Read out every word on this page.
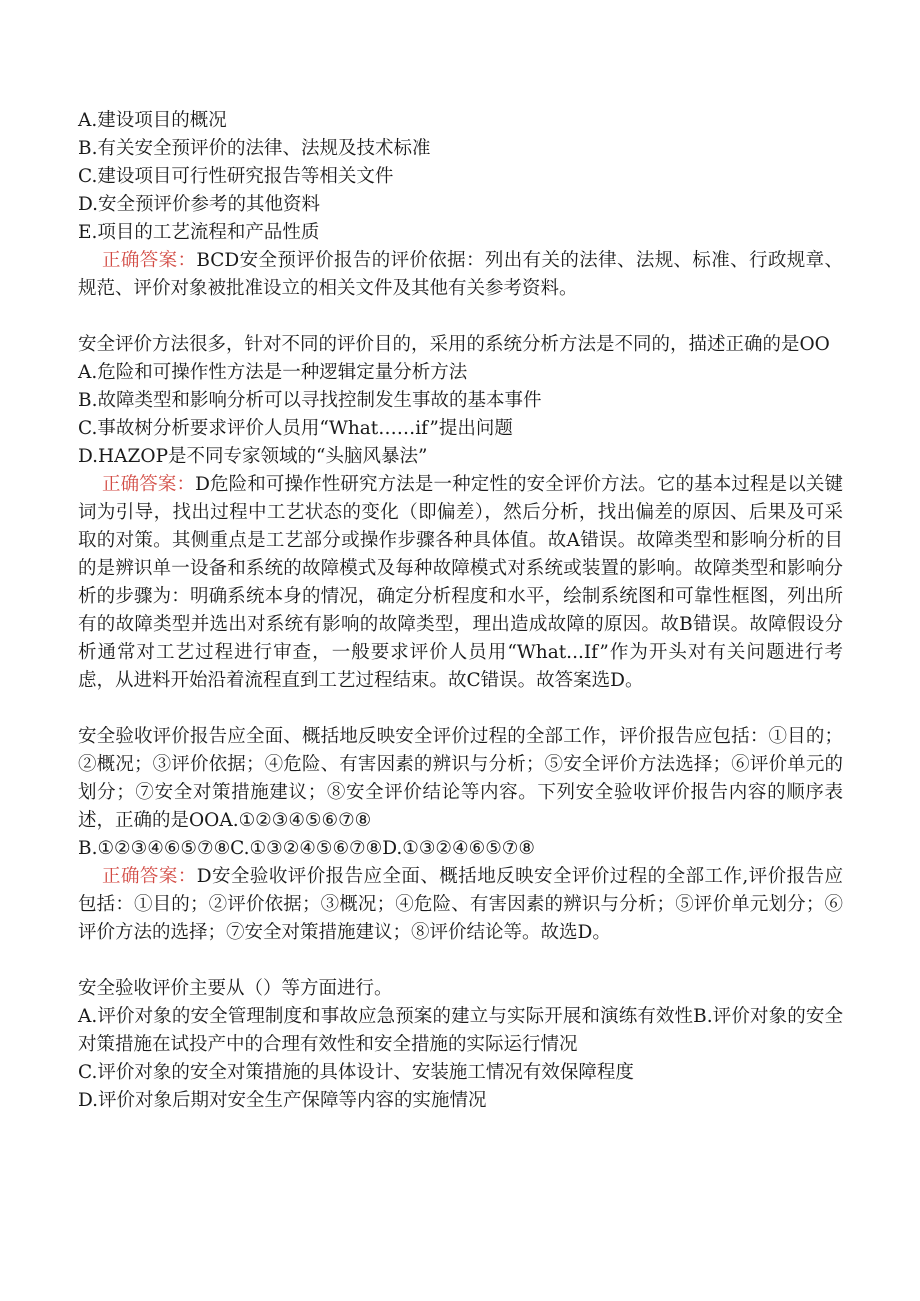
A.建设项目的概况
B.有关安全预评价的法律、法规及技术标准
C.建设项目可行性研究报告等相关文件
D.安全预评价参考的其他资料
E.项目的工艺流程和产品性质
正确答案：BCD安全预评价报告的评价依据：列出有关的法律、法规、标准、行政规章、规范、评价对象被批准设立的相关文件及其他有关参考资料。
安全评价方法很多，针对不同的评价目的，采用的系统分析方法是不同的，描述正确的是OO
A.危险和可操作性方法是一种逻辑定量分析方法
B.故障类型和影响分析可以寻找控制发生事故的基本事件
C.事故树分析要求评价人员用“What……if”提出问题
D.HAZOP是不同专家领域的“头脑风暴法”
正确答案：D危险和可操作性研究方法是一种定性的安全评价方法。它的基本过程是以关键词为引导，找出过程中工艺状态的变化（即偏差），然后分析，找出偏差的原因、后果及可采取的对策。其侧重点是工艺部分或操作步骤各种具体值。故A错误。故障类型和影响分析的目的是辨识单一设备和系统的故障模式及每种故障模式对系统或装置的影响。故障类型和影响分析的步骤为：明确系统本身的情况，确定分析程度和水平，绘制系统图和可靠性框图，列出所有的故障类型并选出对系统有影响的故障类型，理出造成故障的原因。故B错误。故障假设分析通常对工艺过程进行审查，一般要求评价人员用“What...If”作为开头对有关问题进行考虑，从进料开始沿着流程直到工艺过程结束。故C错误。故答案选D。
安全验收评价报告应全面、概括地反映安全评价过程的全部工作，评价报告应包括：①目的；②概况；③评价依据；④危险、有害因素的辨识与分析；⑤安全评价方法选择；⑥评价单元的划分；⑦安全对策措施建议；⑧安全评价结论等内容。下列安全验收评价报告内容的顺序表述，正确的是OOA.①②③④⑤⑥⑦⑧
B.①②③④⑥⑤⑦⑧C.①③②④⑤⑥⑦⑧D.①③②④⑥⑤⑦⑧
正确答案：D安全验收评价报告应全面、概括地反映安全评价过程的全部工作,评价报告应包括：①目的；②评价依据；③概况；④危险、有害因素的辨识与分析；⑤评价单元划分；⑥评价方法的选择；⑦安全对策措施建议；⑧评价结论等。故选D。
安全验收评价主要从（）等方面进行。
A.评价对象的安全管理制度和事故应急预案的建立与实际开展和演练有效性B.评价对象的安全对策措施在试投产中的合理有效性和安全措施的实际运行情况
C.评价对象的安全对策措施的具体设计、安装施工情况有效保障程度
D.评价对象后期对安全生产保障等内容的实施情况
